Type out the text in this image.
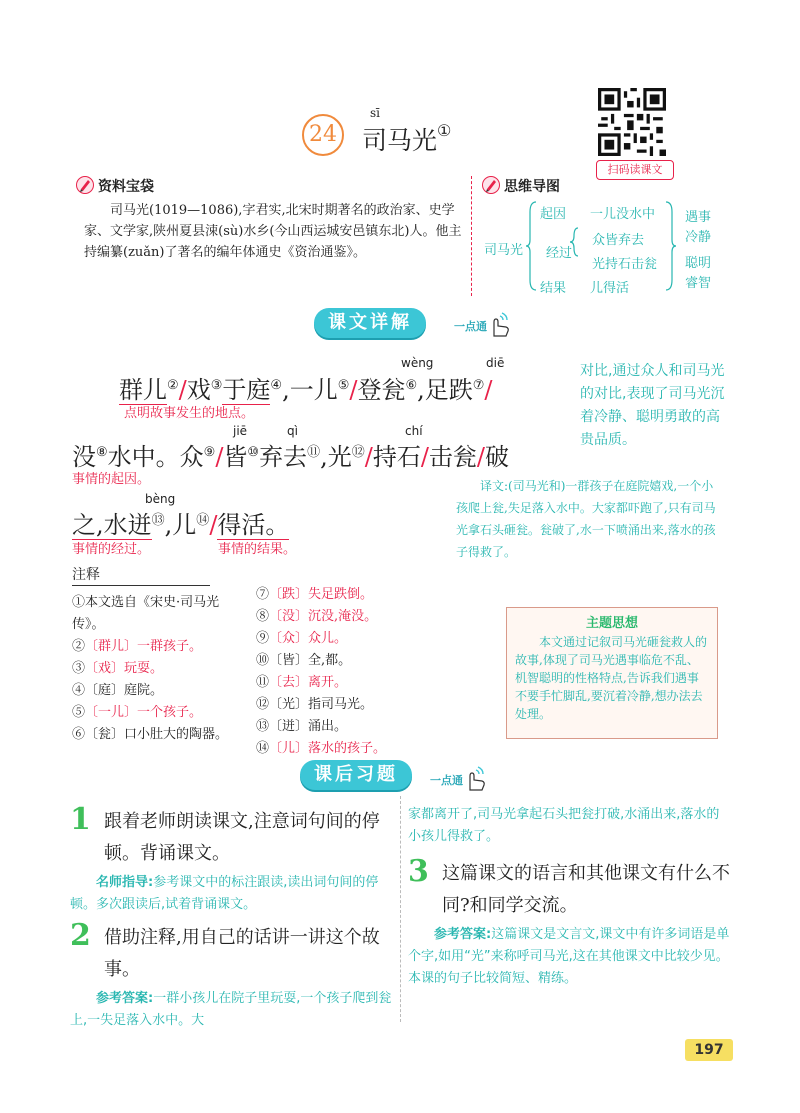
24
sī
司马光①
扫码读课文
资料宝袋
司马光(1019—1086),字君实,北宋时期著名的政治家、史学家、文学家,陕州夏县涑(sù)水乡(今山西运城安邑镇东北)人。他主持编纂(zuǎn)了著名的编年体通史《资治通鉴》。
思维导图
司马光
起因 一儿没水中
经过
众皆弃去
光持石击瓮
结果 儿得活
遇事
冷静
聪明
睿智
课文详解	一点通
wèng	diē
群儿②/戏③于庭④,一儿⑤/登瓮⑥,足跌⑦/
点明故事发生的地点。
jiē	qì	chí
没⑧水中。众⑨/皆⑩弃去⑪,光⑫/持石/击瓮/破
事情的起因。
bèng
之,水迸⑬,儿⑭/得活。
事情的经过。	事情的结果。
对比,通过众人和司马光的对比,表现了司马光沉着冷静、聪明勇敢的高贵品质。
译文:(司马光和)一群孩子在庭院嬉戏,一个小孩爬上瓮,失足落入水中。大家都吓跑了,只有司马光拿石头砸瓮。瓮破了,水一下喷涌出来,落水的孩子得救了。
注释
①本文选自《宋史·司马光传》。
②〔群儿〕一群孩子。
③〔戏〕玩耍。
④〔庭〕庭院。
⑤〔一儿〕一个孩子。
⑥〔瓮〕口小肚大的陶器。
⑦〔跌〕失足跌倒。
⑧〔没〕沉没,淹没。
⑨〔众〕众儿。
⑩〔皆〕全,都。
⑪〔去〕离开。
⑫〔光〕指司马光。
⑬〔迸〕涌出。
⑭〔儿〕落水的孩子。
主题思想
本文通过记叙司马光砸瓮救人的故事,体现了司马光遇事临危不乱、机智聪明的性格特点,告诉我们遇事不要手忙脚乱,要沉着冷静,想办法去处理。
课后习题	一点通
1 跟着老师朗读课文,注意词句间的停顿。背诵课文。
名师指导:参考课文中的标注跟读,读出词句间的停顿。多次跟读后,试着背诵课文。
2 借助注释,用自己的话讲一讲这个故事。
参考答案:一群小孩儿在院子里玩耍,一个孩子爬到瓮上,一失足落入水中。大
家都离开了,司马光拿起石头把瓮打破,水涌出来,落水的小孩儿得救了。
3 这篇课文的语言和其他课文有什么不同?和同学交流。
参考答案:这篇课文是文言文,课文中有许多词语是单个字,如用“光”来称呼司马光,这在其他课文中比较少见。本课的句子比较简短、精练。
197
